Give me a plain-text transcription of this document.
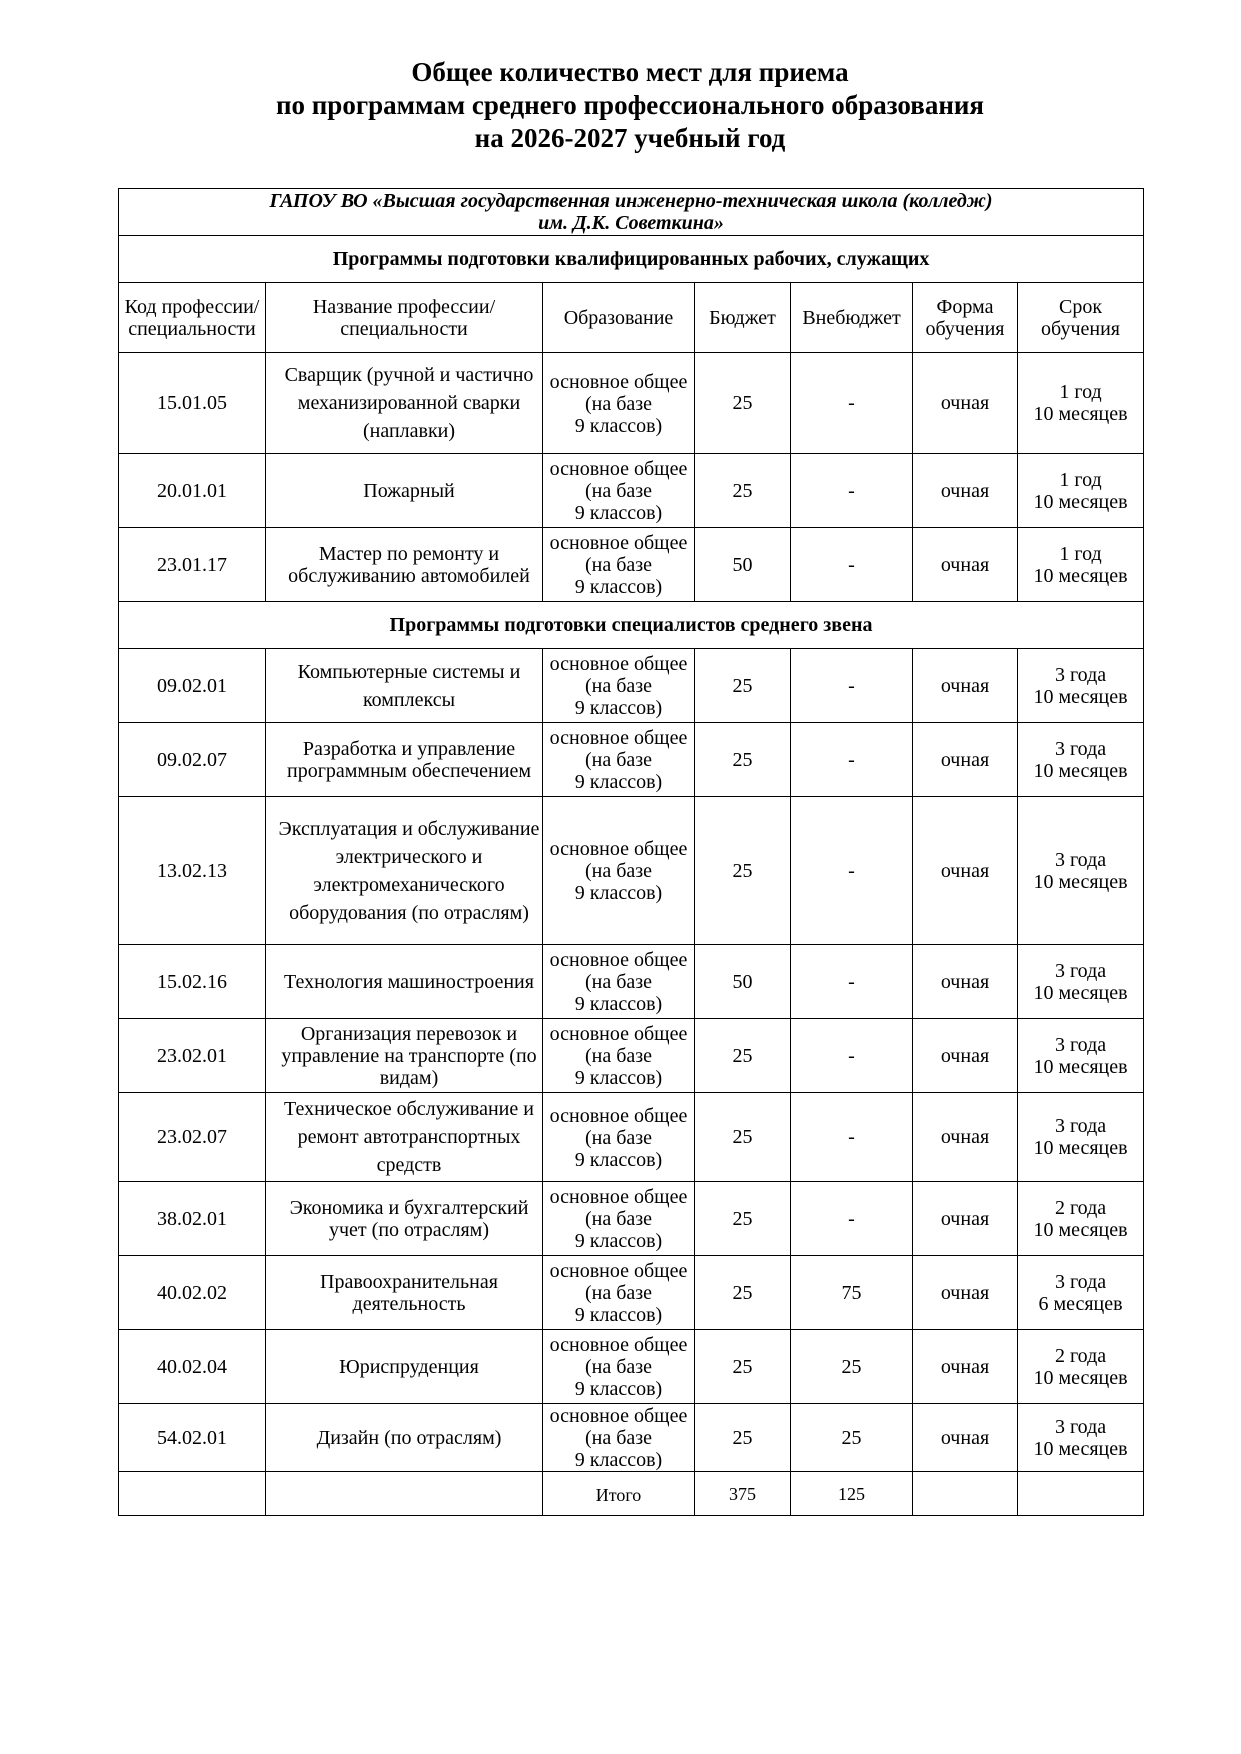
Общее количество мест для приема
по программам среднего профессионального образования
на 2026-2027 учебный год
ГАПОУ ВО «Высшая государственная инженерно-техническая школа (колледж)
им. Д.К. Советкина»						

Программы подготовки квалифицированных рабочих, служащих						

Код профессии/
специальности	Название профессии/
специальности	Образование	Бюджет	Внебюджет	Форма
обучения	Срок
обучения

15.01.05	Сварщик (ручной и частично механизированной сварки (наплавки)	основное общее
(на базе
9 классов)	25	-	очная	1 год
10 месяцев

20.01.01	Пожарный	основное общее
(на базе
9 классов)	25	-	очная	1 год
10 месяцев

23.01.17	Мастер по ремонту и обслуживанию автомобилей	основное общее
(на базе
9 классов)	50	-	очная	1 год
10 месяцев

Программы подготовки специалистов среднего звена						
09.02.01	Компьютерные системы и комплексы	основное общее
(на базе
9 классов)	25	-	очная	3 года
10 месяцев

09.02.07	Разработка и управление программным обеспечением	основное общее
(на базе
9 классов)	25	-	очная	3 года
10 месяцев

13.02.13	Эксплуатация и обслуживание электрического и электромеханического оборудования (по отраслям)	основное общее
(на базе
9 классов)	25	-	очная	3 года
10 месяцев

15.02.16	Технология машиностроения	основное общее
(на базе
9 классов)	50	-	очная	3 года
10 месяцев

23.02.01	Организация перевозок и управление на транспорте (по видам)	основное общее
(на базе
9 классов)	25	-	очная	3 года
10 месяцев

23.02.07	Техническое обслуживание и ремонт автотранспортных средств	основное общее
(на базе
9 классов)	25	-	очная	3 года
10 месяцев

38.02.01	Экономика и бухгалтерский учет (по отраслям)	основное общее
(на базе
9 классов)	25	-	очная	2 года
10 месяцев

40.02.02	Правоохранительная деятельность	основное общее
(на базе
9 классов)	25	75	очная	3 года
6 месяцев

40.02.04	Юриспруденция	основное общее
(на базе
9 классов)	25	25	очная	2 года
10 месяцев

54.02.01	Дизайн (по отраслям)	основное общее
(на базе
9 классов)	25	25	очная	3 года
10 месяцев

		Итого	375	125		
